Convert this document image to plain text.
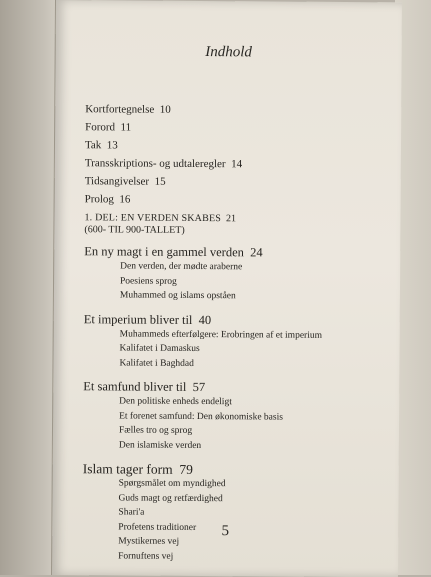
Indhold
Kortfortegnelse 10
Forord 11
Tak 13
Transskriptions- og udtaleregler 14
Tidsangivelser 15
Prolog 16
1. DEL: EN VERDEN SKABES 21
(600- TIL 900-TALLET)
En ny magt i en gammel verden 24
Den verden, der mødte araberne
Poesiens sprog
Muhammed og islams opståen
Et imperium bliver til 40
Muhammeds efterfølgere: Erobringen af et imperium
Kalifatet i Damaskus
Kalifatet i Baghdad
Et samfund bliver til 57
Den politiske enheds endeligt
Et forenet samfund: Den økonomiske basis
Fælles tro og sprog
Den islamiske verden
Islam tager form 79
Spørgsmålet om myndighed
Guds magt og retfærdighed
Shari'a
Profetens traditioner
Mystikernes vej
Fornuftens vej
5
